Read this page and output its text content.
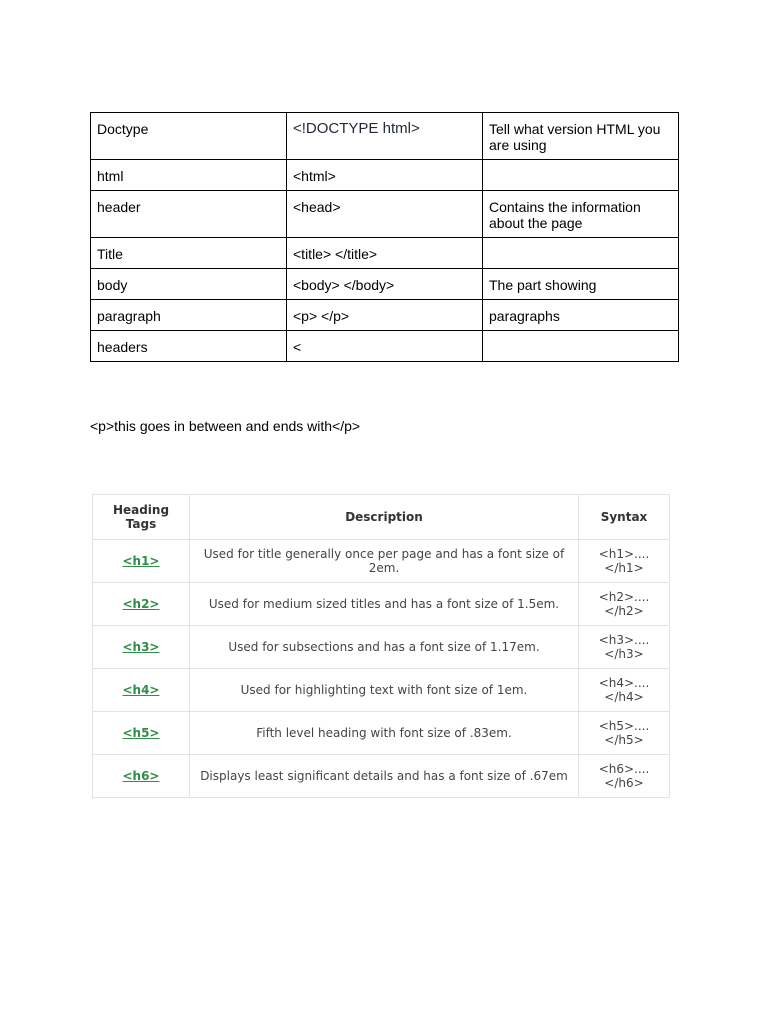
Doctype	<!DOCTYPE html>	Tell what version HTML you are using
html	<html>	
header	<head>	Contains the information about the page
Title	<title> </title>	
body	<body> </body>	The part showing
paragraph	<p> </p>	paragraphs
headers	<	
<p>this goes in between and ends with</p>
Heading Tags	Description	Syntax
<h1>	Used for title generally once per page and has a font size of 2em.	<h1>....</h1>
<h2>	Used for medium sized titles and has a font size of 1.5em.	<h2>....</h2>
<h3>	Used for subsections and has a font size of 1.17em.	<h3>....</h3>
<h4>	Used for highlighting text with font size of 1em.	<h4>....</h4>
<h5>	Fifth level heading with font size of .83em.	<h5>....</h5>
<h6>	Displays least significant details and has a font size of .67em	<h6>....</h6>
